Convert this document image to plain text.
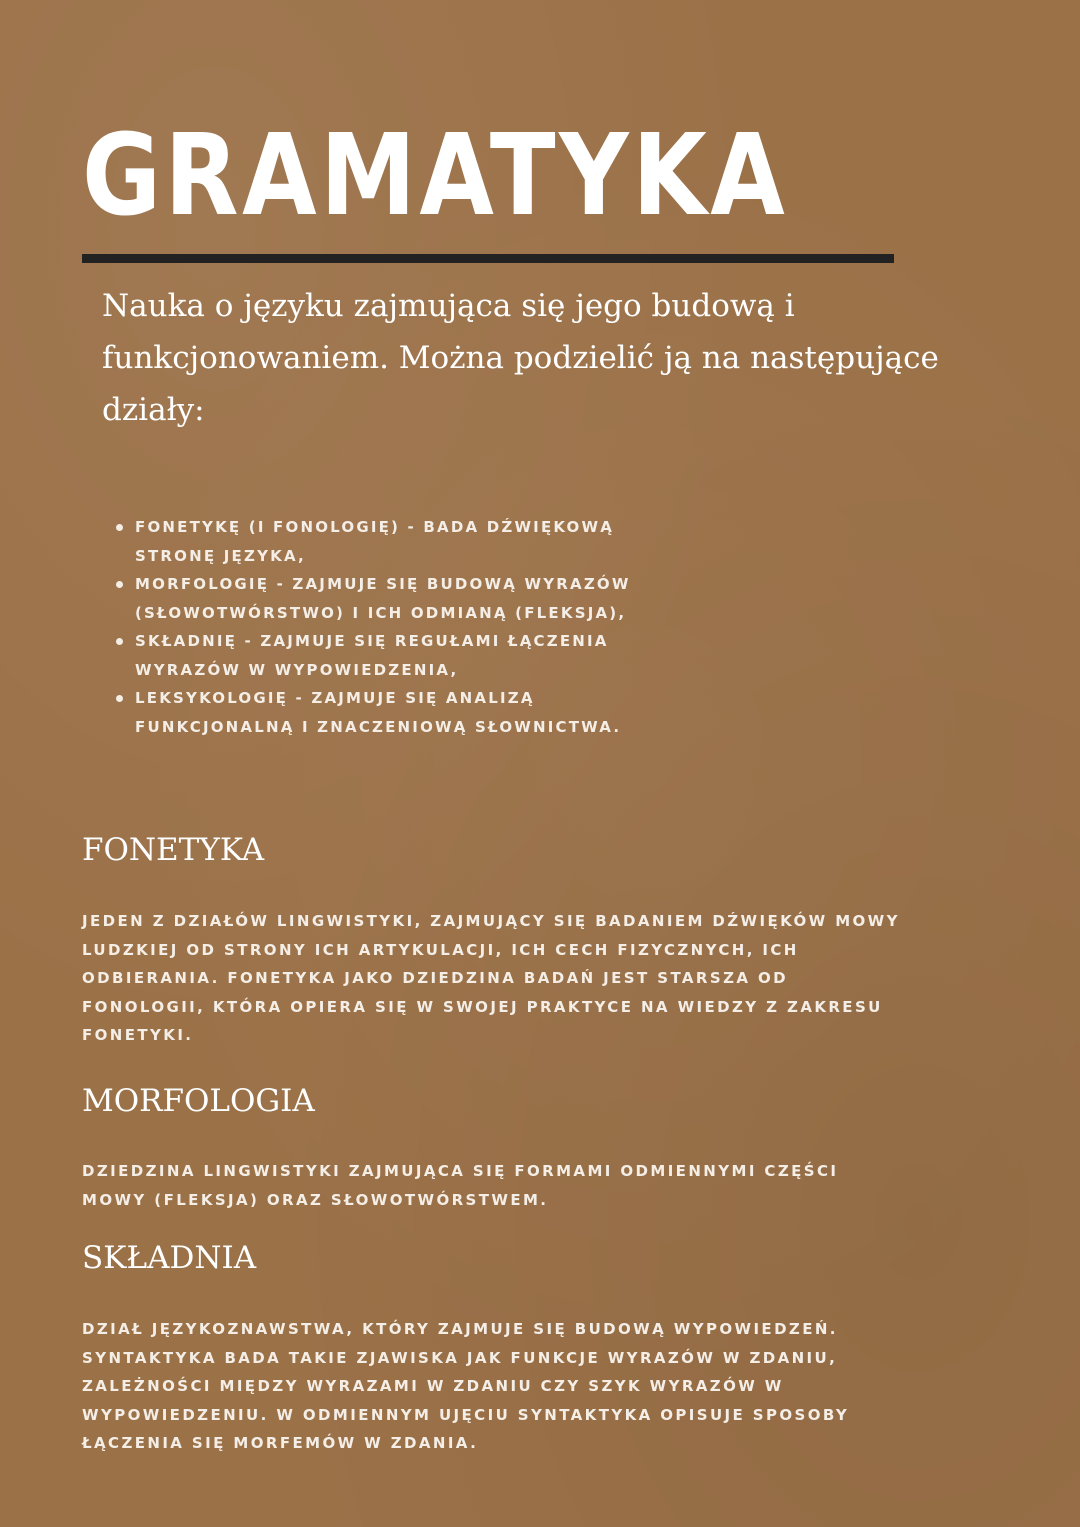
GRAMATYKA

Nauka o języku zajmująca się jego budową i funkcjonowaniem. Można podzielić ją na następujące działy:

FONETYKĘ (I FONOLOGIĘ) - BADA DŹWIĘKOWĄ STRONĘ JĘZYKA,
MORFOLOGIĘ - ZAJMUJE SIĘ BUDOWĄ WYRAZÓW (SŁOWOTWÓRSTWO) I ICH ODMIANĄ (FLEKSJA),
SKŁADNIĘ - ZAJMUJE SIĘ REGUŁAMI ŁĄCZENIA WYRAZÓW W WYPOWIEDZENIA,
LEKSYKOLOGIĘ - ZAJMUJE SIĘ ANALIZĄ FUNKCJONALNĄ I ZNACZENIOWĄ SŁOWNICTWA.
FONETYKA

JEDEN Z DZIAŁÓW LINGWISTYKI, ZAJMUJĄCY SIĘ BADANIEM DŹWIĘKÓW MOWY LUDZKIEJ OD STRONY ICH ARTYKULACJI, ICH CECH FIZYCZNYCH, ICH ODBIERANIA. FONETYKA JAKO DZIEDZINA BADAŃ JEST STARSZA OD FONOLOGII, KTÓRA OPIERA SIĘ W SWOJEJ PRAKTYCE NA WIEDZY Z ZAKRESU FONETYKI.

MORFOLOGIA

DZIEDZINA LINGWISTYKI ZAJMUJĄCA SIĘ FORMAMI ODMIENNYMI CZĘŚCI MOWY (FLEKSJA) ORAZ SŁOWOTWÓRSTWEM.

SKŁADNIA

DZIAŁ JĘZYKOZNAWSTWA, KTÓRY ZAJMUJE SIĘ BUDOWĄ WYPOWIEDZEŃ. SYNTAKTYKA BADA TAKIE ZJAWISKA JAK FUNKCJE WYRAZÓW W ZDANIU, ZALEŻNOŚCI MIĘDZY WYRAZAMI W ZDANIU CZY SZYK WYRAZÓW W WYPOWIEDZENIU. W ODMIENNYM UJĘCIU SYNTAKTYKA OPISUJE SPOSOBY ŁĄCZENIA SIĘ MORFEMÓW W ZDANIA.
